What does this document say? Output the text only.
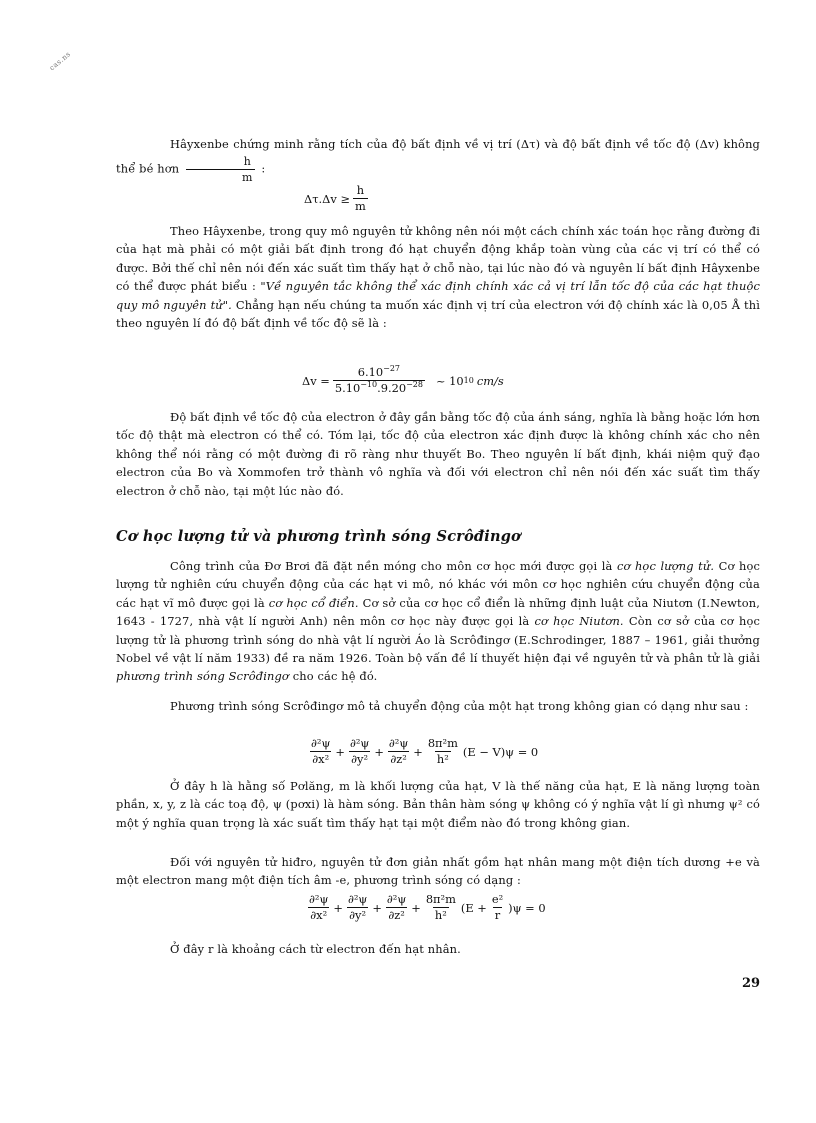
cas.ns

Hâyxenbe chứng minh rằng tích của độ bất định về vị trí (Δτ) và độ bất định về tốc độ (Δv) không thể bé hơn $\frac{h}{m}$ :

$\Delta\tau.\Delta v \ge \frac{h}{m}$

Theo Hâyxenbe, trong quy mô nguyên tử không nên nói một cách chính xác toán học rằng đường đi của hạt mà phải có một giải bất định trong đó hạt chuyển động khắp toàn vùng của các vị trí có thể có được. Bởi thế chỉ nên nói đến xác suất tìm thấy hạt ở chỗ nào, tại lúc nào đó và nguyên lí bất định Hâyxenbe có thể được phát biểu : "Về nguyên tắc không thể xác định chính xác cả vị trí lẫn tốc độ của các hạt thuộc quy mô nguyên tử". Chẳng hạn nếu chúng ta muốn xác định vị trí của electron với độ chính xác là 0,05 Å thì theo nguyên lí đó độ bất định về tốc độ sẽ là :

$\Delta v = \frac{6.10^{-27}}{5.10^{-10}.9.20^{-28}}$ ~ 10 10 cm/s

Độ bất định về tốc độ của electron ở đây gần bằng tốc độ của ánh sáng, nghĩa là bằng hoặc lớn hơn tốc độ thật mà electron có thể có. Tóm lại, tốc độ của electron xác định được là không chính xác cho nên không thể nói rằng có một đường đi rõ ràng như thuyết Bo. Theo nguyên lí bất định, khái niệm quỹ đạo electron của Bo và Xommofen trở thành vô nghĩa và đối với electron chỉ nên nói đến xác suất tìm thấy electron ở chỗ nào, tại một lúc nào đó.

Cơ học lượng tử và phương trình sóng Scrôđingơ

Công trình của Đơ Brơi đã đặt nền móng cho môn cơ học mới được gọi là cơ học lượng tử. Cơ học lượng tử nghiên cứu chuyển động của các hạt vi mô, nó khác với môn cơ học nghiên cứu chuyển động của các hạt vĩ mô được gọi là cơ học cổ điển. Cơ sở của cơ học cổ điển là những định luật của Niutơn (I.Newton, 1643 - 1727, nhà vật lí người Anh) nên môn cơ học này được gọi là cơ học Niutơn. Còn cơ sở của cơ học lượng tử là phương trình sóng do nhà vật lí người Áo là Scrôđingơ (E.Schrodinger, 1887 – 1961, giải thưởng Nobel về vật lí năm 1933) đề ra năm 1926. Toàn bộ vấn đề lí thuyết hiện đại về nguyên tử và phân tử là giải phương trình sóng Scrôđingơ cho các hệ đó.

Phương trình sóng Scrôđingơ mô tả chuyển động của một hạt trong không gian có dạng như sau :

$\frac{\text{∂²ψ}}{\text{∂x²}} + \frac{\text{∂²ψ}}{\text{∂y²}} + \frac{\text{∂²ψ}}{\text{∂z²}} + \frac{\text{8π²m}}{\text{h²}} (E - V)\psi = 0$

Ở đây h là hằng số Pơlăng, m là khối lượng của hạt, V là thế năng của hạt, E là năng lượng toàn phần, x, y, z là các toạ độ, ψ (pơxi) là hàm sóng. Bản thân hàm sóng ψ không có ý nghĩa vật lí gì nhưng ψ² có một ý nghĩa quan trọng là xác suất tìm thấy hạt tại một điểm nào đó trong không gian.

Đối với nguyên tử hiđro, nguyên tử đơn giản nhất gồm hạt nhân mang một điện tích dương +e và một electron mang một điện tích âm -e, phương trình sóng có dạng :

$\frac{\text{∂²ψ}}{\text{∂x²}} + \frac{\text{∂²ψ}}{\text{∂y²}} + \frac{\text{∂²ψ}}{\text{∂z²}} + \frac{\text{8π²m}}{\text{h²}} (E + \frac{\text{e²}}{r} )\psi = 0$

Ở đây r là khoảng cách từ electron đến hạt nhân.

29
